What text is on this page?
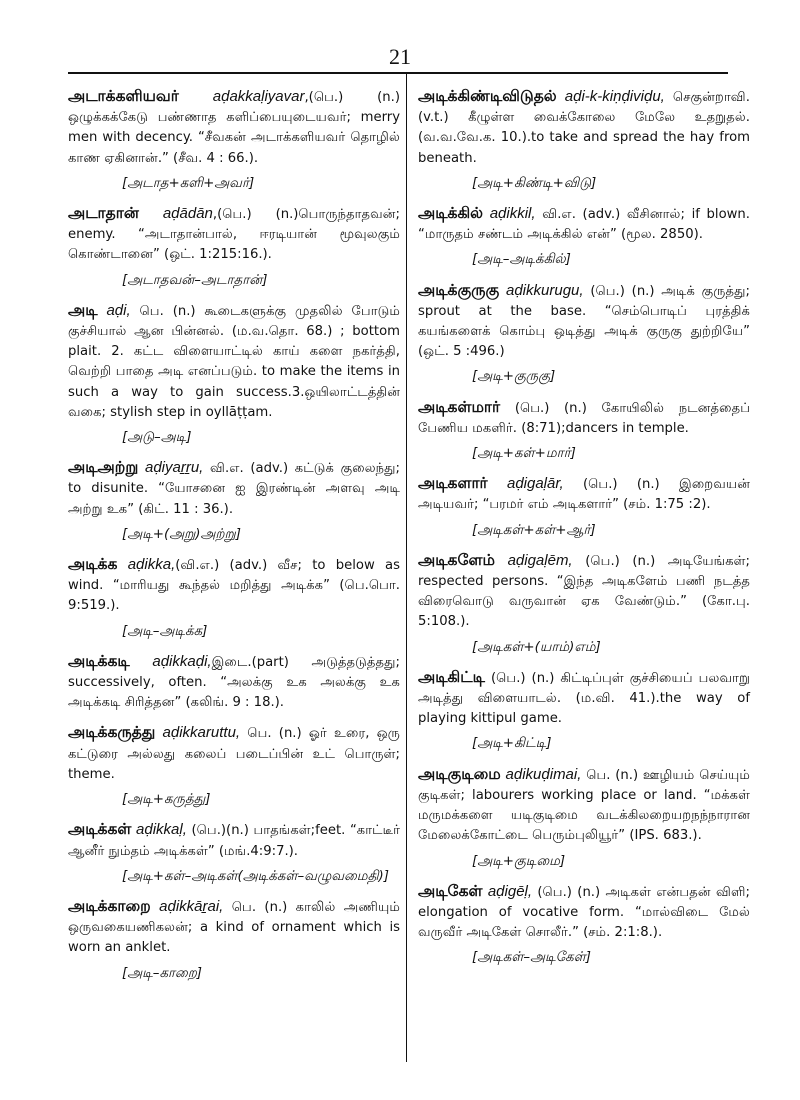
21
அடாக்களியவர் aḍakkaḷiyavar,(பெ.) (n.) ஒழுக்கக்கேடு பண்ணாத களிப்பையுடையவர்; merry men with decency. “சீவகன் அடாக்களியவர் தொழில் காண ஏகினான்.” (சீவ. 4 : 66.).
[அடாத+களி+அவர்]
அடாதான் aḍādān,(பெ.) (n.)பொருந்தாதவன்; enemy. “அடாதான்பால், ஈரடியான் மூவுலகும் கொண்டானை” (ஒட். 1:215:16.).
[அடாதவன்–அடாதான்]
அடி aḍi, பெ. (n.) கூடைகளுக்கு முதலில் போடும் குச்சியால் ஆன பின்னல். (ம.வ.தொ. 68.) ; bottom plait. 2. கட்ட விளையாட்டில் காய் களை நகர்த்தி, வெற்றி பாதை அடி எனப்படும். to make the items in such a way to gain success.3.ஒயிலாட்டத்தின் வகை; stylish step in oyllāṭṭam.
[அடு–அடி]
அடிஅற்று aḍiyaṟṟu, வி.எ. (adv.) கட்டுக் குலைந்து; to disunite. “யோசனை ஐ இரண்டின் அளவு அடி அற்று உக” (கிட். 11 : 36.).
[அடி+(அறு)அற்று]
அடிக்க aḍikka,(வி.எ.) (adv.) வீச; to below as wind. “மாரியது கூந்தல் மறித்து அடிக்க” (பெ.பொ. 9:519.).
[அடி–அடிக்க]
அடிக்கடி aḍikkaḍi,இடை.(part) அடுத்தடுத்தது; successively, often. “அலக்கு உக அலக்கு உக அடிக்கடி சிரித்தன” (கலிங். 9 : 18.).
அடிக்கருத்து aḍikkaruttu, பெ. (n.) ஓர் உரை, ஒரு கட்டுரை அல்லது கலைப் படைப்பின் உட் பொருள்; theme.
[அடி+கருத்து]
அடிக்கள் aḍikkaḷ, (பெ.)(n.) பாதங்கள்;feet. “காட்டீர் ஆனீர் நும்தம் அடிக்கள்” (மங்.4:9:7.).
[அடி+கள்–அடிகள்(அடிக்கள்–வழுவமைதி)]
அடிக்காறை aḍikkāṟai, பெ. (n.) காலில் அணியும் ஒருவகையணிகலன்; a kind of ornament which is worn an anklet.
[அடி–காறை]
அடிக்கிண்டிவிடுதல் aḍi-k-kiṇḍiviḍu, செகுன்றாவி. (v.t.) கீழுள்ள வைக்கோலை மேலே உதறுதல். (வ.வ.வே.க. 10.).to take and spread the hay from beneath.
[அடி+கிண்டி+விடு]
அடிக்கில் aḍikkil, வி.எ. (adv.) வீசினால்; if blown. “மாருதம் சண்டம் அடிக்கில் என்” (மூல. 2850).
[அடி–அடிக்கில்]
அடிக்குருகு aḍikkurugu, (பெ.) (n.) அடிக் குருத்து; sprout at the base. “செம்பொடிப் புரத்திக் கயங்களைக் கொம்பு ஒடித்து அடிக் குருகு துற்றியே” (ஒட். 5 :496.)
[அடி+குருகு]
அடிகள்மார் (பெ.) (n.) கோயிலில் நடனத்தைப் பேணிய மகளிர். (8:71);dancers in temple.
[அடி+கள்+மார்]
அடிகளார் aḍigaḷār, (பெ.) (n.) இறைவயன் அடியவர்; “பரமர் எம் அடிகளார்” (சம். 1:75 :2).
[அடிகள்+கள்+ஆர்]
அடிகளேம் aḍigaḷēm, (பெ.) (n.) அடியேங்கள்; respected persons. “இந்த அடிகளேம் பணி நடத்த விரைவொடு வருவான் ஏக வேண்டும்.” (கோ.பு. 5:108.).
[அடிகள்+(யாம்)எம்]
அடிகிட்டி (பெ.) (n.) கிட்டிப்புள் குச்சியைப் பலவாறு அடித்து விளையாடல். (ம.வி. 41.).the way of playing kittipul game.
[அடி+கிட்டி]
அடிகுடிமை aḍikuḍimai, பெ. (n.) ஊழியம் செய்யும் குடிகள்; labourers working place or land. “மக்கள் மருமக்களை யடிகுடிமை வடக்கிலறையறநந்நாரான மேலைக்கோட்டை பெரும்புலியூர்” (IPS. 683.).
[அடி+குடிமை]
அடிகேள் aḍigēḷ, (பெ.) (n.) அடிகள் என்பதன் விளி; elongation of vocative form. “மால்விடை மேல் வருவீர் அடிகேள் சொலீர்.” (சம். 2:1:8.).
[அடிகள்–அடிகேள்]
